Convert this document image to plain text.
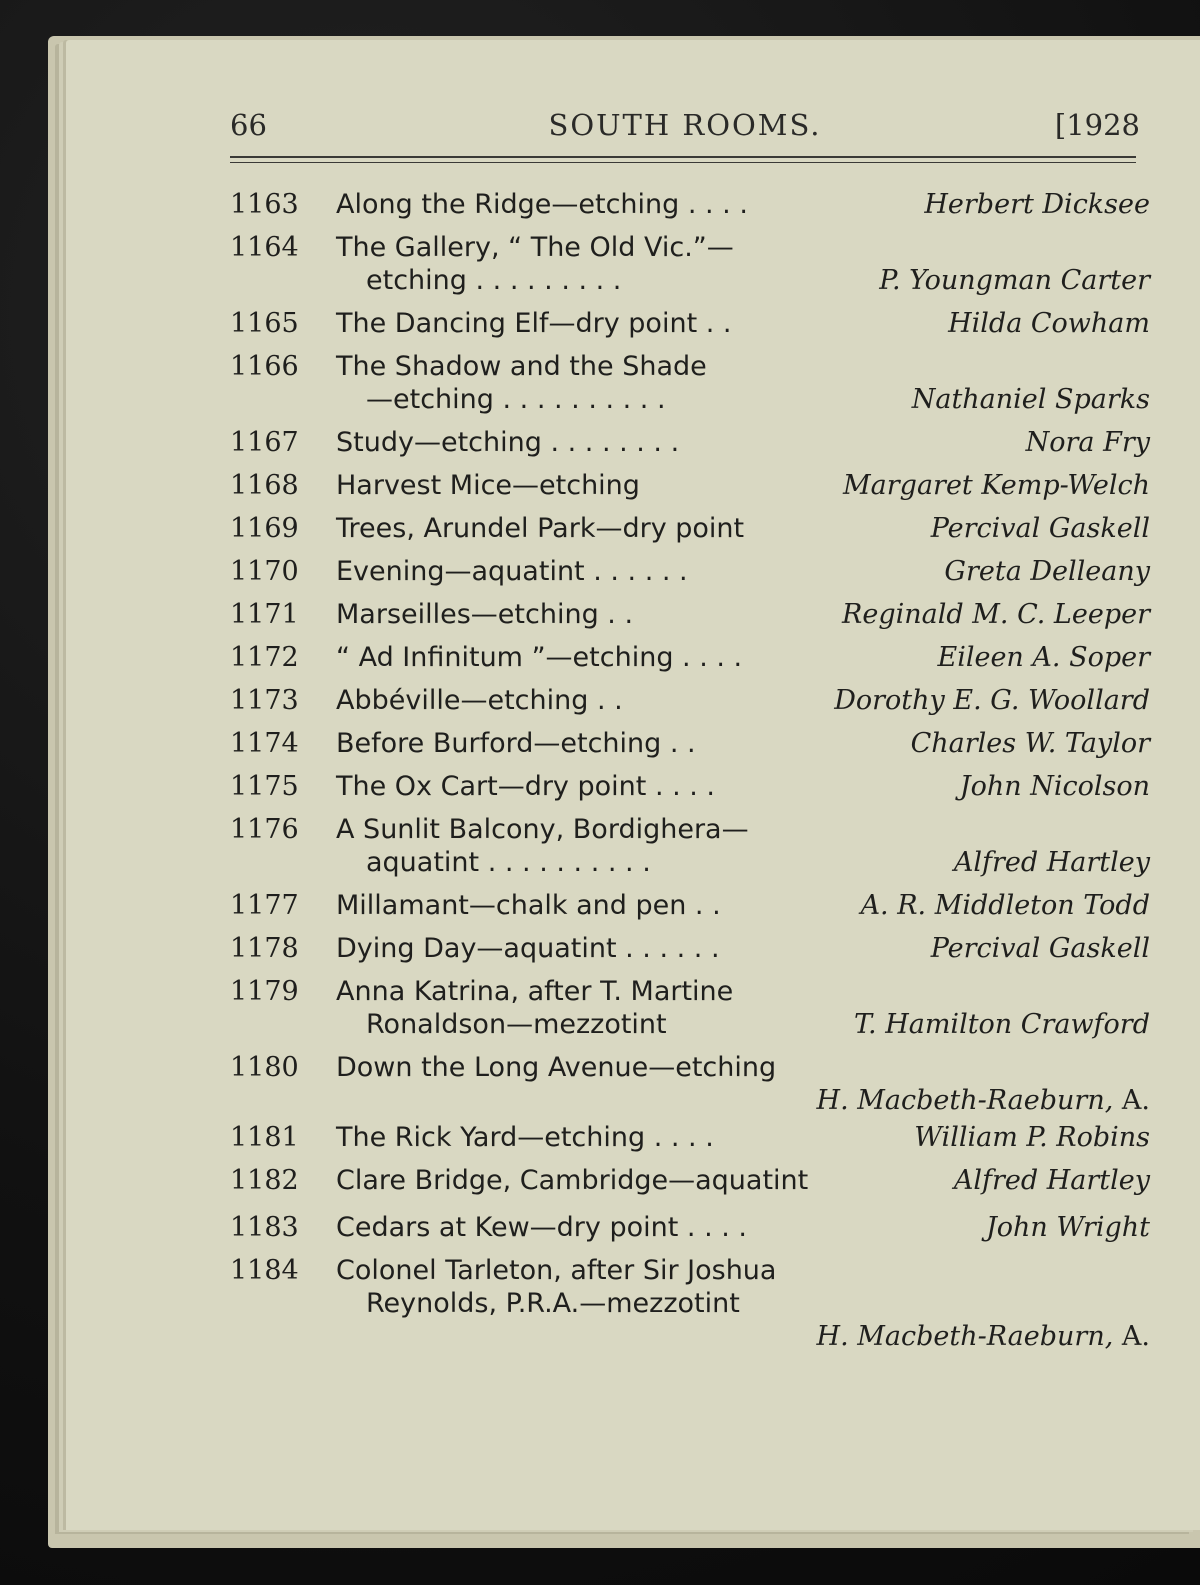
66	SOUTH ROOMS.	[1928
1163 Along the Ridge—etching . . . .	Herbert Dicksee
1164 The Gallery, “ The Old Vic.”—
etching . . . . . . . . .	P. Youngman Carter
1165 The Dancing Elf—dry point . .	Hilda Cowham
1166 The Shadow and the Shade
—etching . . . . . . . . . .	Nathaniel Sparks
1167 Study—etching . . . . . . . .	Nora Fry
1168 Harvest Mice—etching	Margaret Kemp-Welch
1169 Trees, Arundel Park—dry point	Percival Gaskell
1170 Evening—aquatint . . . . . .	Greta Delleany
1171 Marseilles—etching . .	Reginald M. C. Leeper
1172 “ Ad Infinitum ”—etching . . . .	Eileen A. Soper
1173 Abbéville—etching . .	Dorothy E. G. Woollard
1174 Before Burford—etching . .	Charles W. Taylor
1175 The Ox Cart—dry point . . . .	John Nicolson
1176 A Sunlit Balcony, Bordighera—
aquatint . . . . . . . . . .	Alfred Hartley
1177 Millamant—chalk and pen . .	A. R. Middleton Todd
1178 Dying Day—aquatint . . . . . .	Percival Gaskell
1179 Anna Katrina, after T. Martine
Ronaldson—mezzotint	T. Hamilton Crawford
1180 Down the Long Avenue—etching
H. Macbeth-Raeburn, A.
1181 The Rick Yard—etching . . . .	William P. Robins
1182 Clare Bridge, Cambridge—aquatint	Alfred Hartley
1183 Cedars at Kew—dry point . . . .	John Wright
1184 Colonel Tarleton, after Sir Joshua
Reynolds, P.R.A.—mezzotint
H. Macbeth-Raeburn, A.
